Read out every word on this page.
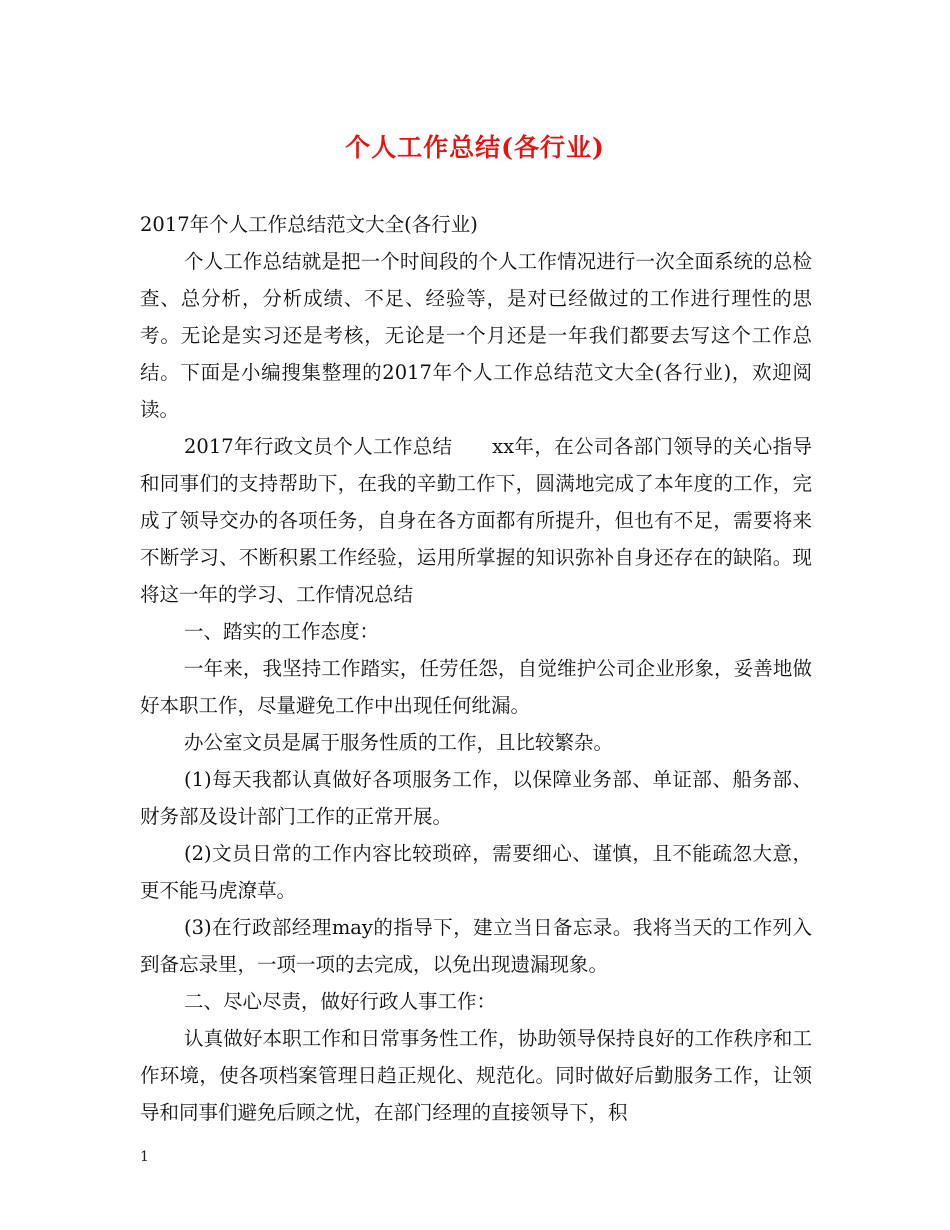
个人工作总结(各行业)

2017年个人工作总结范文大全(各行业)

个人工作总结就是把一个时间段的个人工作情况进行一次全面系统的总检查、总分析，分析成绩、不足、经验等，是对已经做过的工作进行理性的思考。无论是实习还是考核，无论是一个月还是一年我们都要去写这个工作总结。下面是小编搜集整理的2017年个人工作总结范文大全(各行业)，欢迎阅读。

2017年行政文员个人工作总结　　xx年，在公司各部门领导的关心指导和同事们的支持帮助下，在我的辛勤工作下，圆满地完成了本年度的工作，完成了领导交办的各项任务，自身在各方面都有所提升，但也有不足，需要将来不断学习、不断积累工作经验，运用所掌握的知识弥补自身还存在的缺陷。现将这一年的学习、工作情况总结

一、踏实的工作态度：

一年来，我坚持工作踏实，任劳任怨，自觉维护公司企业形象，妥善地做好本职工作，尽量避免工作中出现任何纰漏。

办公室文员是属于服务性质的工作，且比较繁杂。

(1)每天我都认真做好各项服务工作，以保障业务部、单证部、船务部、财务部及设计部门工作的正常开展。

(2)文员日常的工作内容比较琐碎，需要细心、谨慎，且不能疏忽大意，更不能马虎潦草。

(3)在行政部经理may的指导下，建立当日备忘录。我将当天的工作列入到备忘录里，一项一项的去完成，以免出现遗漏现象。

二、尽心尽责，做好行政人事工作：

认真做好本职工作和日常事务性工作，协助领导保持良好的工作秩序和工作环境，使各项档案管理日趋正规化、规范化。同时做好后勤服务工作，让领导和同事们避免后顾之忧，在部门经理的直接领导下，积

1
